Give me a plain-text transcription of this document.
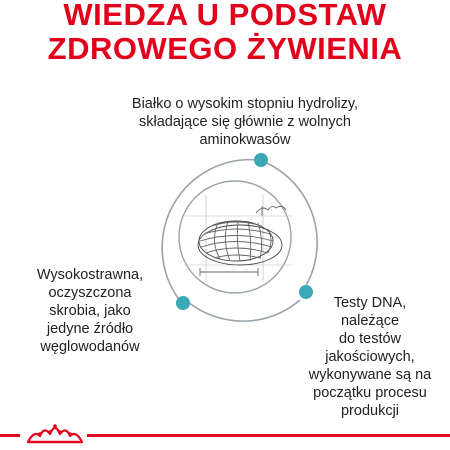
WIEDZA U PODSTAW
ZDROWEGO ŻYWIENIA
Białko o wysokim stopniu hydrolizy,
składające się głównie z wolnych
aminokwasów
Wysokostrawna,
oczyszczona
skrobia, jako
jedyne źródło
węglowodanów
Testy DNA,
należące
do testów
jakościowych,
wykonywane są na
początku procesu
produkcji
